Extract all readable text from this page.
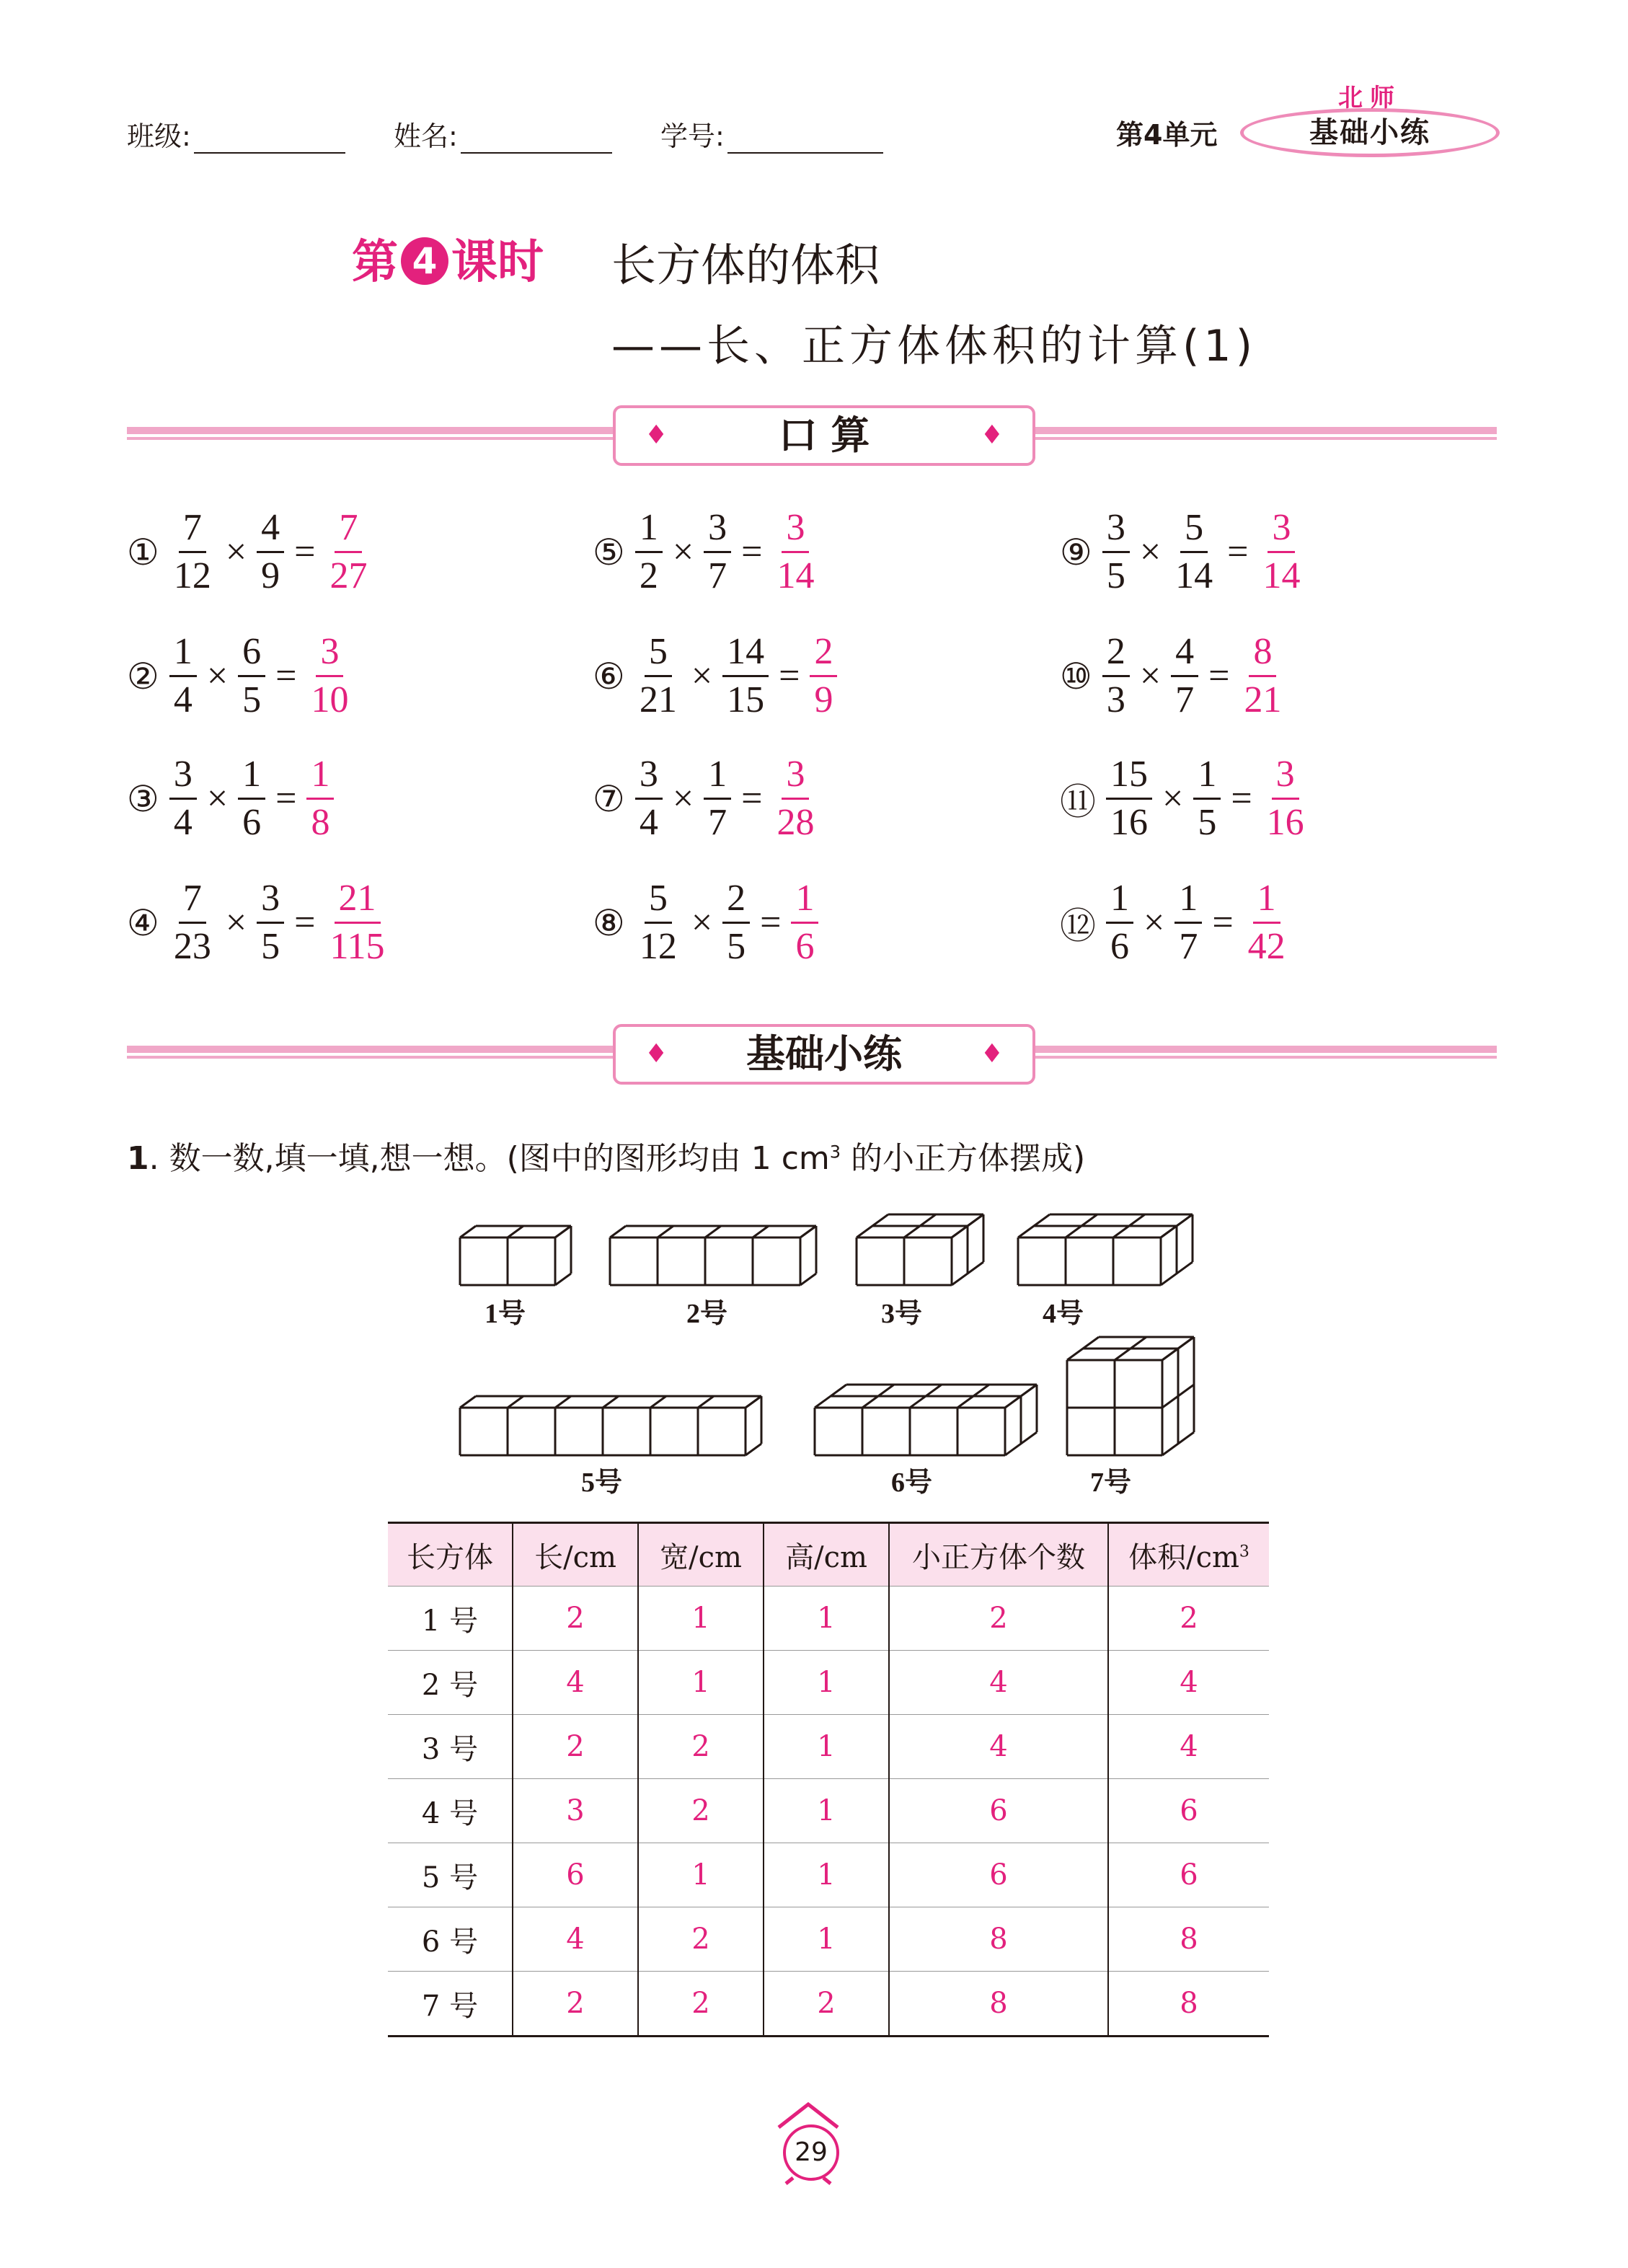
班级:	姓名:	学号:	第4单元
北师
基础小练
第 4 课时 长方体的体积
——长、正方体体积的计算(1)
♦	口 算	♦
① $\frac{7}{12} \times \frac{4}{9} = \frac{7}{27}$
② $\frac{1}{4} \times \frac{6}{5} = \frac{3}{10}$
③ $\frac{3}{4} \times \frac{1}{6} = \frac{1}{8}$
④ $\frac{7}{23} \times \frac{3}{5} = \frac{21}{115}$
⑤ $\frac{1}{2} \times \frac{3}{7} = \frac{3}{14}$
⑥ $\frac{5}{21} \times \frac{14}{15} = \frac{2}{9}$
⑦ $\frac{3}{4} \times \frac{1}{7} = \frac{3}{28}$
⑧ $\frac{5}{12} \times \frac{2}{5} = \frac{1}{6}$
⑨ $\frac{3}{5} \times \frac{5}{14} = \frac{3}{14}$
⑩ $\frac{2}{3} \times \frac{4}{7} = \frac{8}{21}$
⑪ $\frac{15}{16} \times \frac{1}{5} = \frac{3}{16}$
⑫ $\frac{1}{6} \times \frac{1}{7} = \frac{1}{42}$
♦ 基础小练	♦
1. 数一数,填一填,想一想。(图中的图形均由 1 $cm^3$ 的小正方体摆成)
1号	2号	3号	4号
5号	6号	7号
长方体	长/cm	宽/cm	高/cm	小正方体个数	体积$/cm^3$
1 号	2	1	1	2	2
2 号	4	1	1	4	4
3 号	2	2	1	4	4
4 号	3	2	1	6	6
5 号	6	1	1	6	6
6 号	4	2	1	8	8
7 号	2	2	2	8	8
29
